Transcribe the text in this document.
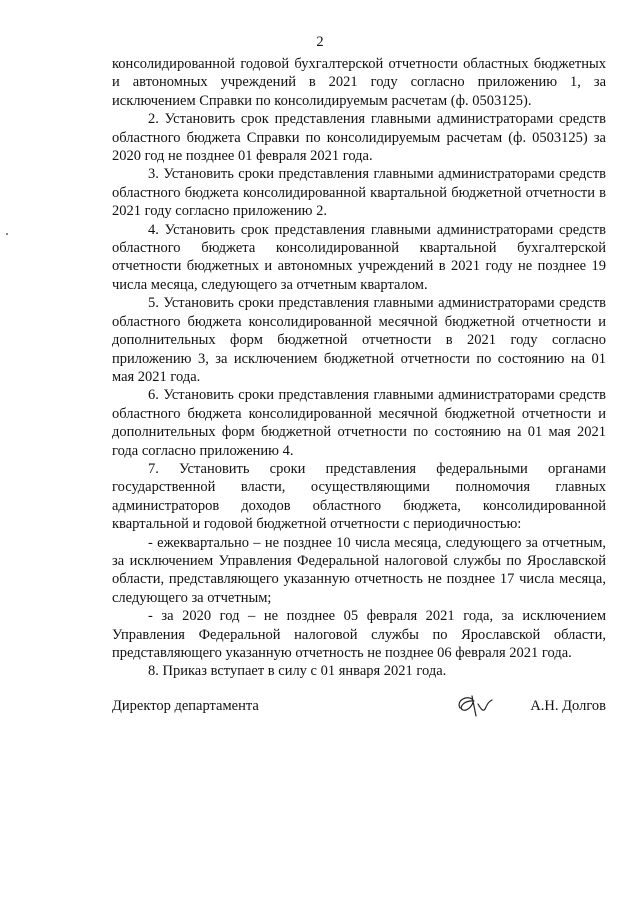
2

консолидированной годовой бухгалтерской отчетности областных бюджетных и автономных учреждений в 2021 году согласно приложению 1, за исключением Справки по консолидируемым расчетам (ф. 0503125).

2. Установить срок представления главными администраторами средств областного бюджета Справки по консолидируемым расчетам (ф. 0503125) за 2020 год не позднее 01 февраля 2021 года.

3. Установить сроки представления главными администраторами средств областного бюджета консолидированной квартальной бюджетной отчетности в 2021 году согласно приложению 2.

4. Установить срок представления главными администраторами средств областного бюджета консолидированной квартальной бухгалтерской отчетности бюджетных и автономных учреждений в 2021 году не позднее 19 числа месяца, следующего за отчетным кварталом.

5. Установить сроки представления главными администраторами средств областного бюджета консолидированной месячной бюджетной отчетности и дополнительных форм бюджетной отчетности в 2021 году согласно приложению 3, за исключением бюджетной отчетности по состоянию на 01 мая 2021 года.

6. Установить сроки представления главными администраторами средств областного бюджета консолидированной месячной бюджетной отчетности и дополнительных форм бюджетной отчетности по состоянию на 01 мая 2021 года согласно приложению 4.

7. Установить сроки представления федеральными органами государственной власти, осуществляющими полномочия главных администраторов доходов областного бюджета, консолидированной квартальной и годовой бюджетной отчетности с периодичностью:

- ежеквартально – не позднее 10 числа месяца, следующего за отчетным, за исключением Управления Федеральной налоговой службы по Ярославской области, представляющего указанную отчетность не позднее 17 числа месяца, следующего за отчетным;

- за 2020 год – не позднее 05 февраля 2021 года, за исключением Управления Федеральной налоговой службы по Ярославской области, представляющего указанную отчетность не позднее 06 февраля 2021 года.

8. Приказ вступает в силу с 01 января 2021 года.

Директор департамента	А.Н. Долгов
